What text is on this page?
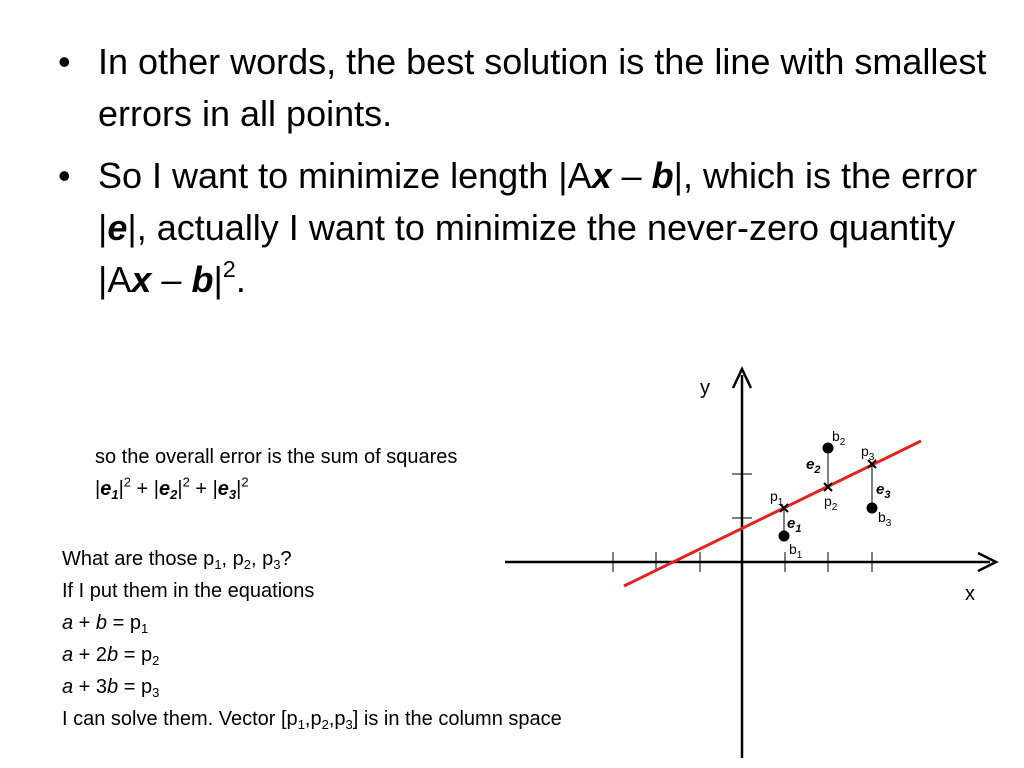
• In other words, the best solution is the line with smallest errors in all points.
• So I want to minimize length |Ax – b|, which is the error |e|, actually I want to minimize the never-zero quantity $|Ax - b|^2$.
so the overall error is the sum of squares
$|e_1|^2 + |e_2|^2 + |e_3|^2$
What are those $p_1$, $p_2$, $p_3$?
If I put them in the equations
$a + b = p_1$
$a + 2b = p_2$
$a + 3b = p_3$
I can solve them. Vector $[p_1,p_2,p_3]$ is in the column space
x
y
$b_1$
$b_2$
$b_3$
$p_1$	$p_2$
$p_3$
$e_1$
$e_2$
$e_3$
